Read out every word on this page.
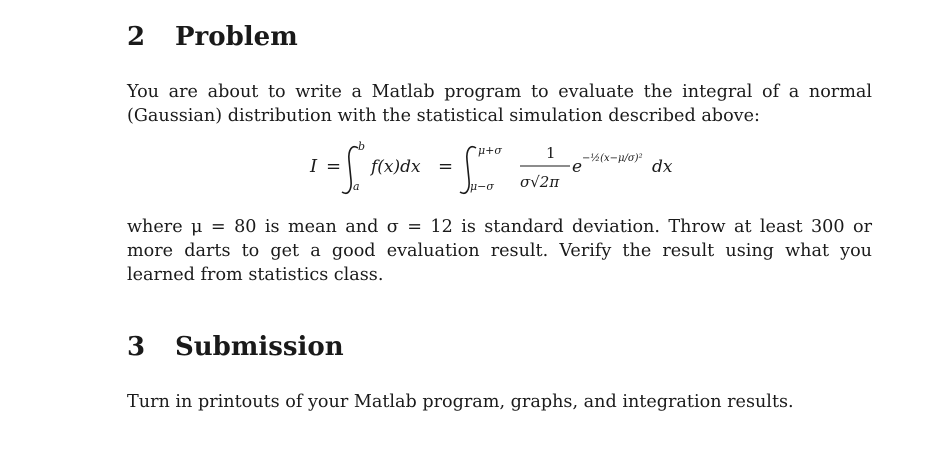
2 Problem
You are about to write a Matlab program to evaluate the integral of a normal (Gaussian) distribution with the statistical simulation described above:
I =
b
a
f(x)dx =
μ+σ
μ−σ
1
σ√2π
e −½(x−μ/σ)² dx
where μ = 80 is mean and σ = 12 is standard deviation. Throw at least 300 or more darts to get a good evaluation result. Verify the result using what you learned from statistics class.
3 Submission
Turn in printouts of your Matlab program, graphs, and integration results.
